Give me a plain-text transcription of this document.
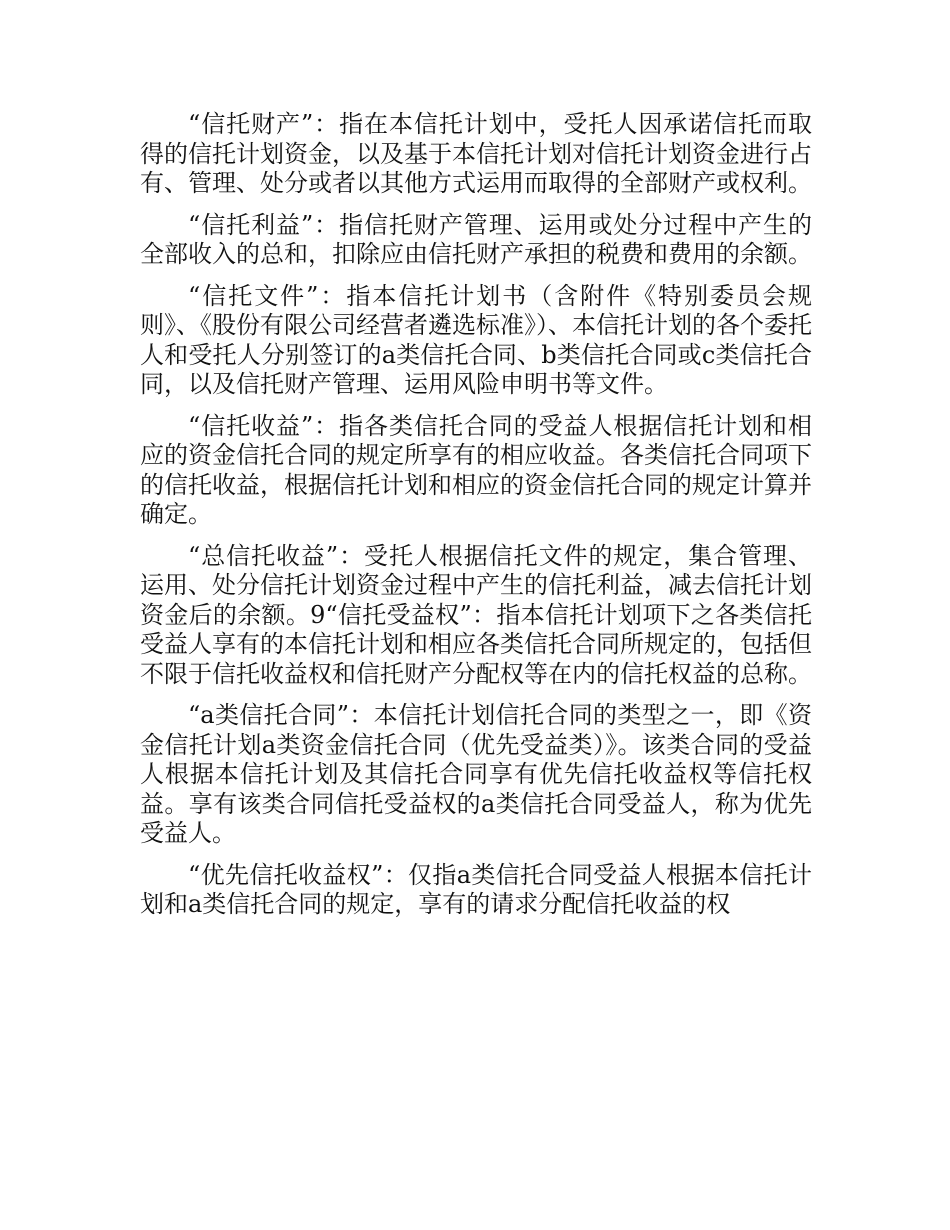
“信托财产”：指在本信托计划中，受托人因承诺信托而取得的信托计划资金，以及基于本信托计划对信托计划资金进行占有、管理、处分或者以其他方式运用而取得的全部财产或权利。

“信托利益”：指信托财产管理、运用或处分过程中产生的全部收入的总和，扣除应由信托财产承担的税费和费用的余额。

“信托文件”：指本信托计划书（含附件《特别委员会规则》、《股份有限公司经营者遴选标准》）、本信托计划的各个委托人和受托人分别签订的a类信托合同、b类信托合同或c类信托合同，以及信托财产管理、运用风险申明书等文件。

“信托收益”：指各类信托合同的受益人根据信托计划和相应的资金信托合同的规定所享有的相应收益。各类信托合同项下的信托收益，根据信托计划和相应的资金信托合同的规定计算并确定。

“总信托收益”：受托人根据信托文件的规定，集合管理、运用、处分信托计划资金过程中产生的信托利益，减去信托计划资金后的余额。9“信托受益权”：指本信托计划项下之各类信托受益人享有的本信托计划和相应各类信托合同所规定的，包括但不限于信托收益权和信托财产分配权等在内的信托权益的总称。

“a类信托合同”：本信托计划信托合同的类型之一，即《资金信托计划a类资金信托合同（优先受益类）》。该类合同的受益人根据本信托计划及其信托合同享有优先信托收益权等信托权益。享有该类合同信托受益权的a类信托合同受益人，称为优先受益人。

“优先信托收益权”：仅指a类信托合同受益人根据本信托计划和a类信托合同的规定，享有的请求分配信托收益的权
